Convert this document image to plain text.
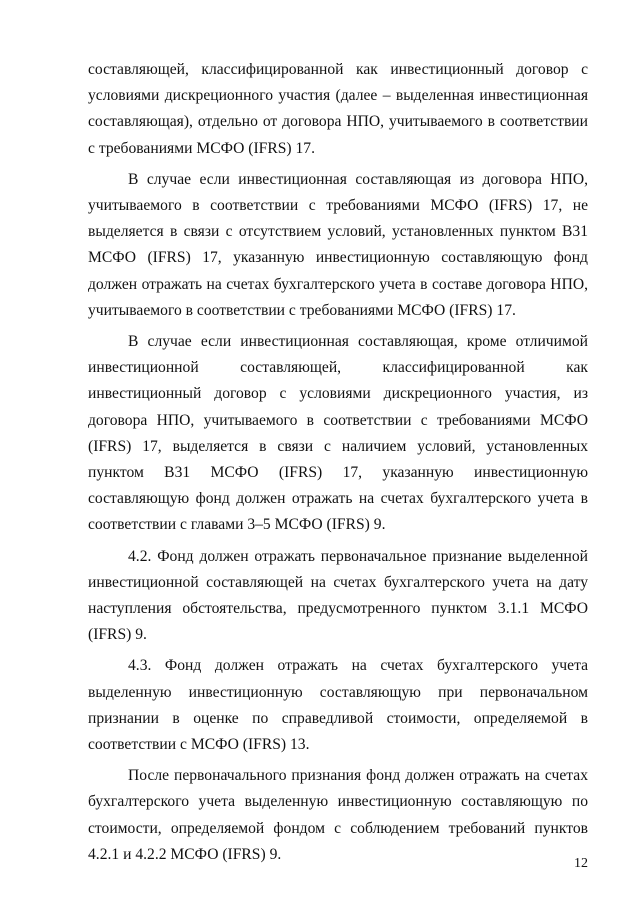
составляющей, классифицированной как инвестиционный договор с условиями дискреционного участия (далее – выделенная инвестиционная составляющая), отдельно от договора НПО, учитываемого в соответствии с требованиями МСФО (IFRS) 17.

В случае если инвестиционная составляющая из договора НПО, учитываемого в соответствии с требованиями МСФО (IFRS) 17, не выделяется в связи с отсутствием условий, установленных пунктом В31 МСФО (IFRS) 17, указанную инвестиционную составляющую фонд должен отражать на счетах бухгалтерского учета в составе договора НПО, учитываемого в соответствии с требованиями МСФО (IFRS) 17.

В случае если инвестиционная составляющая, кроме отличимой инвестиционной составляющей, классифицированной как инвестиционный договор с условиями дискреционного участия, из договора НПО, учитываемого в соответствии с требованиями МСФО (IFRS) 17, выделяется в связи с наличием условий, установленных пунктом В31 МСФО (IFRS) 17, указанную инвестиционную составляющую фонд должен отражать на счетах бухгалтерского учета в соответствии с главами 3–5 МСФО (IFRS) 9.

4.2. Фонд должен отражать первоначальное признание выделенной инвестиционной составляющей на счетах бухгалтерского учета на дату наступления обстоятельства, предусмотренного пунктом 3.1.1 МСФО (IFRS) 9.

4.3. Фонд должен отражать на счетах бухгалтерского учета выделенную инвестиционную составляющую при первоначальном признании в оценке по справедливой стоимости, определяемой в соответствии с МСФО (IFRS) 13.

После первоначального признания фонд должен отражать на счетах бухгалтерского учета выделенную инвестиционную составляющую по стоимости, определяемой фондом с соблюдением требований пунктов 4.2.1 и 4.2.2 МСФО (IFRS) 9.

12
